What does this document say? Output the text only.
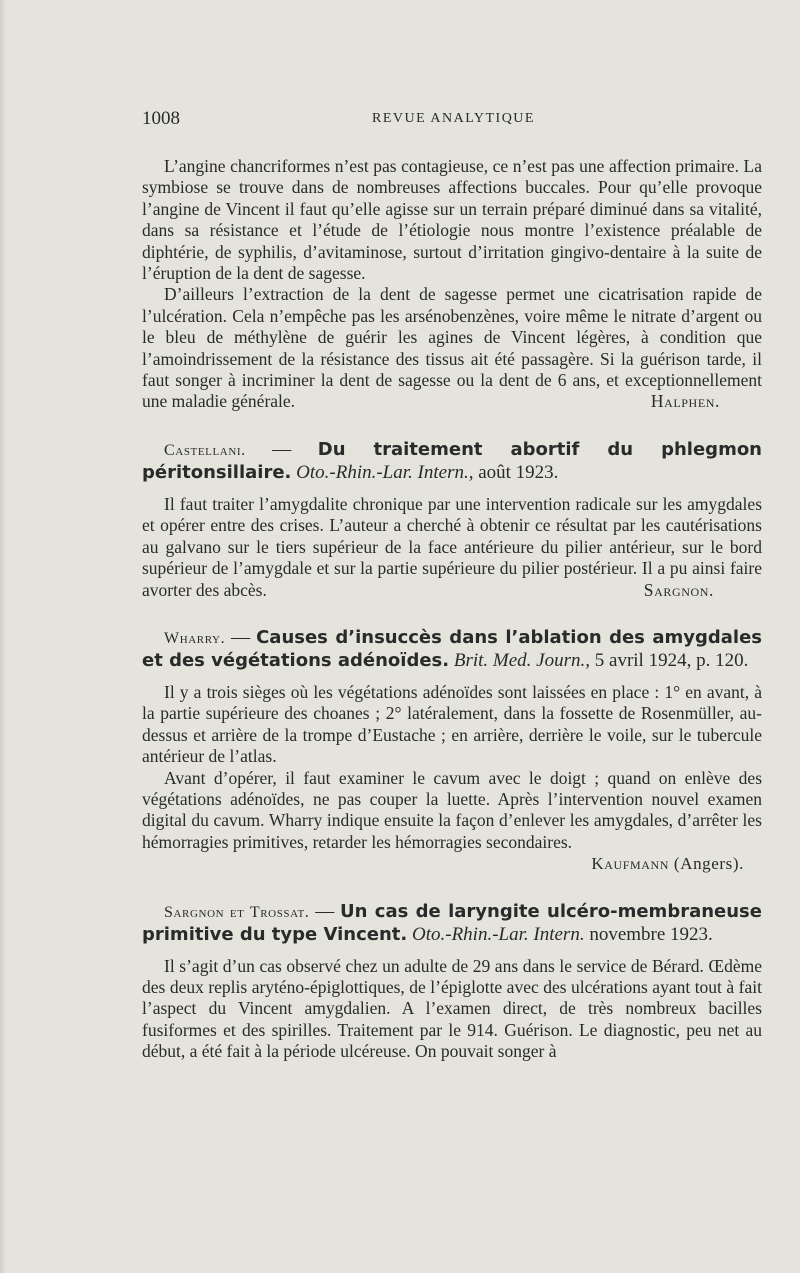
1008	REVUE ANALYTIQUE

L’angine chancriformes n’est pas contagieuse, ce n’est pas une affection primaire. La symbiose se trouve dans de nombreuses affections buccales. Pour qu’elle provoque l’angine de Vincent il faut qu’elle agisse sur un terrain préparé diminué dans sa vitalité, dans sa résistance et l’étude de l’étiologie nous montre l’existence préalable de diphtérie, de syphilis, d’avitaminose, surtout d’irritation gingivo-dentaire à la suite de l’éruption de la dent de sagesse.

D’ailleurs l’extraction de la dent de sagesse permet une cicatrisation rapide de l’ulcération. Cela n’empêche pas les arsénobenzènes, voire même le nitrate d’argent ou le bleu de méthylène de guérir les agines de Vincent légères, à condition que l’amoindrissement de la résistance des tissus ait été passagère. Si la guérison tarde, il faut songer à incriminer la dent de sagesse ou la dent de 6 ans, et exceptionnellement une maladie générale.	Halphen.

Castellani. — Du traitement abortif du phlegmon péritonsillaire. Oto.-Rhin.-Lar. Intern., août 1923.

Il faut traiter l’amygdalite chronique par une intervention radicale sur les amygdales et opérer entre des crises. L’auteur a cherché à obtenir ce résultat par les cautérisations au galvano sur le tiers supérieur de la face antérieure du pilier antérieur, sur le bord supérieur de l’amygdale et sur la partie supérieure du pilier postérieur. Il a pu ainsi faire avorter des abcès.	Sargnon.

Wharry. — Causes d’insuccès dans l’ablation des amygdales et des végétations adénoïdes. Brit. Med. Journ., 5 avril 1924, p. 120.

Il y a trois sièges où les végétations adénoïdes sont laissées en place : 1° en avant, à la partie supérieure des choanes ; 2° latéralement, dans la fossette de Rosenmüller, au-dessus et arrière de la trompe d’Eustache ; en arrière, derrière le voile, sur le tubercule antérieur de l’atlas.

Avant d’opérer, il faut examiner le cavum avec le doigt ; quand on enlève des végétations adénoïdes, ne pas couper la luette. Après l’intervention nouvel examen digital du cavum. Wharry indique ensuite la façon d’enlever les amygdales, d’arrêter les hémorragies primitives, retarder les hémorragies secondaires.

Kaufmann (Angers).

Sargnon et Trossat. — Un cas de laryngite ulcéro-membraneuse primitive du type Vincent. Oto.-Rhin.-Lar. Intern. novembre 1923.

Il s’agit d’un cas observé chez un adulte de 29 ans dans le service de Bérard. Œdème des deux replis aryténo-épiglottiques, de l’épiglotte avec des ulcérations ayant tout à fait l’aspect du Vincent amygdalien. A l’examen direct, de très nombreux bacilles fusiformes et des spirilles. Traitement par le 914. Guérison. Le diagnostic, peu net au début, a été fait à la période ulcéreuse. On pouvait songer à
